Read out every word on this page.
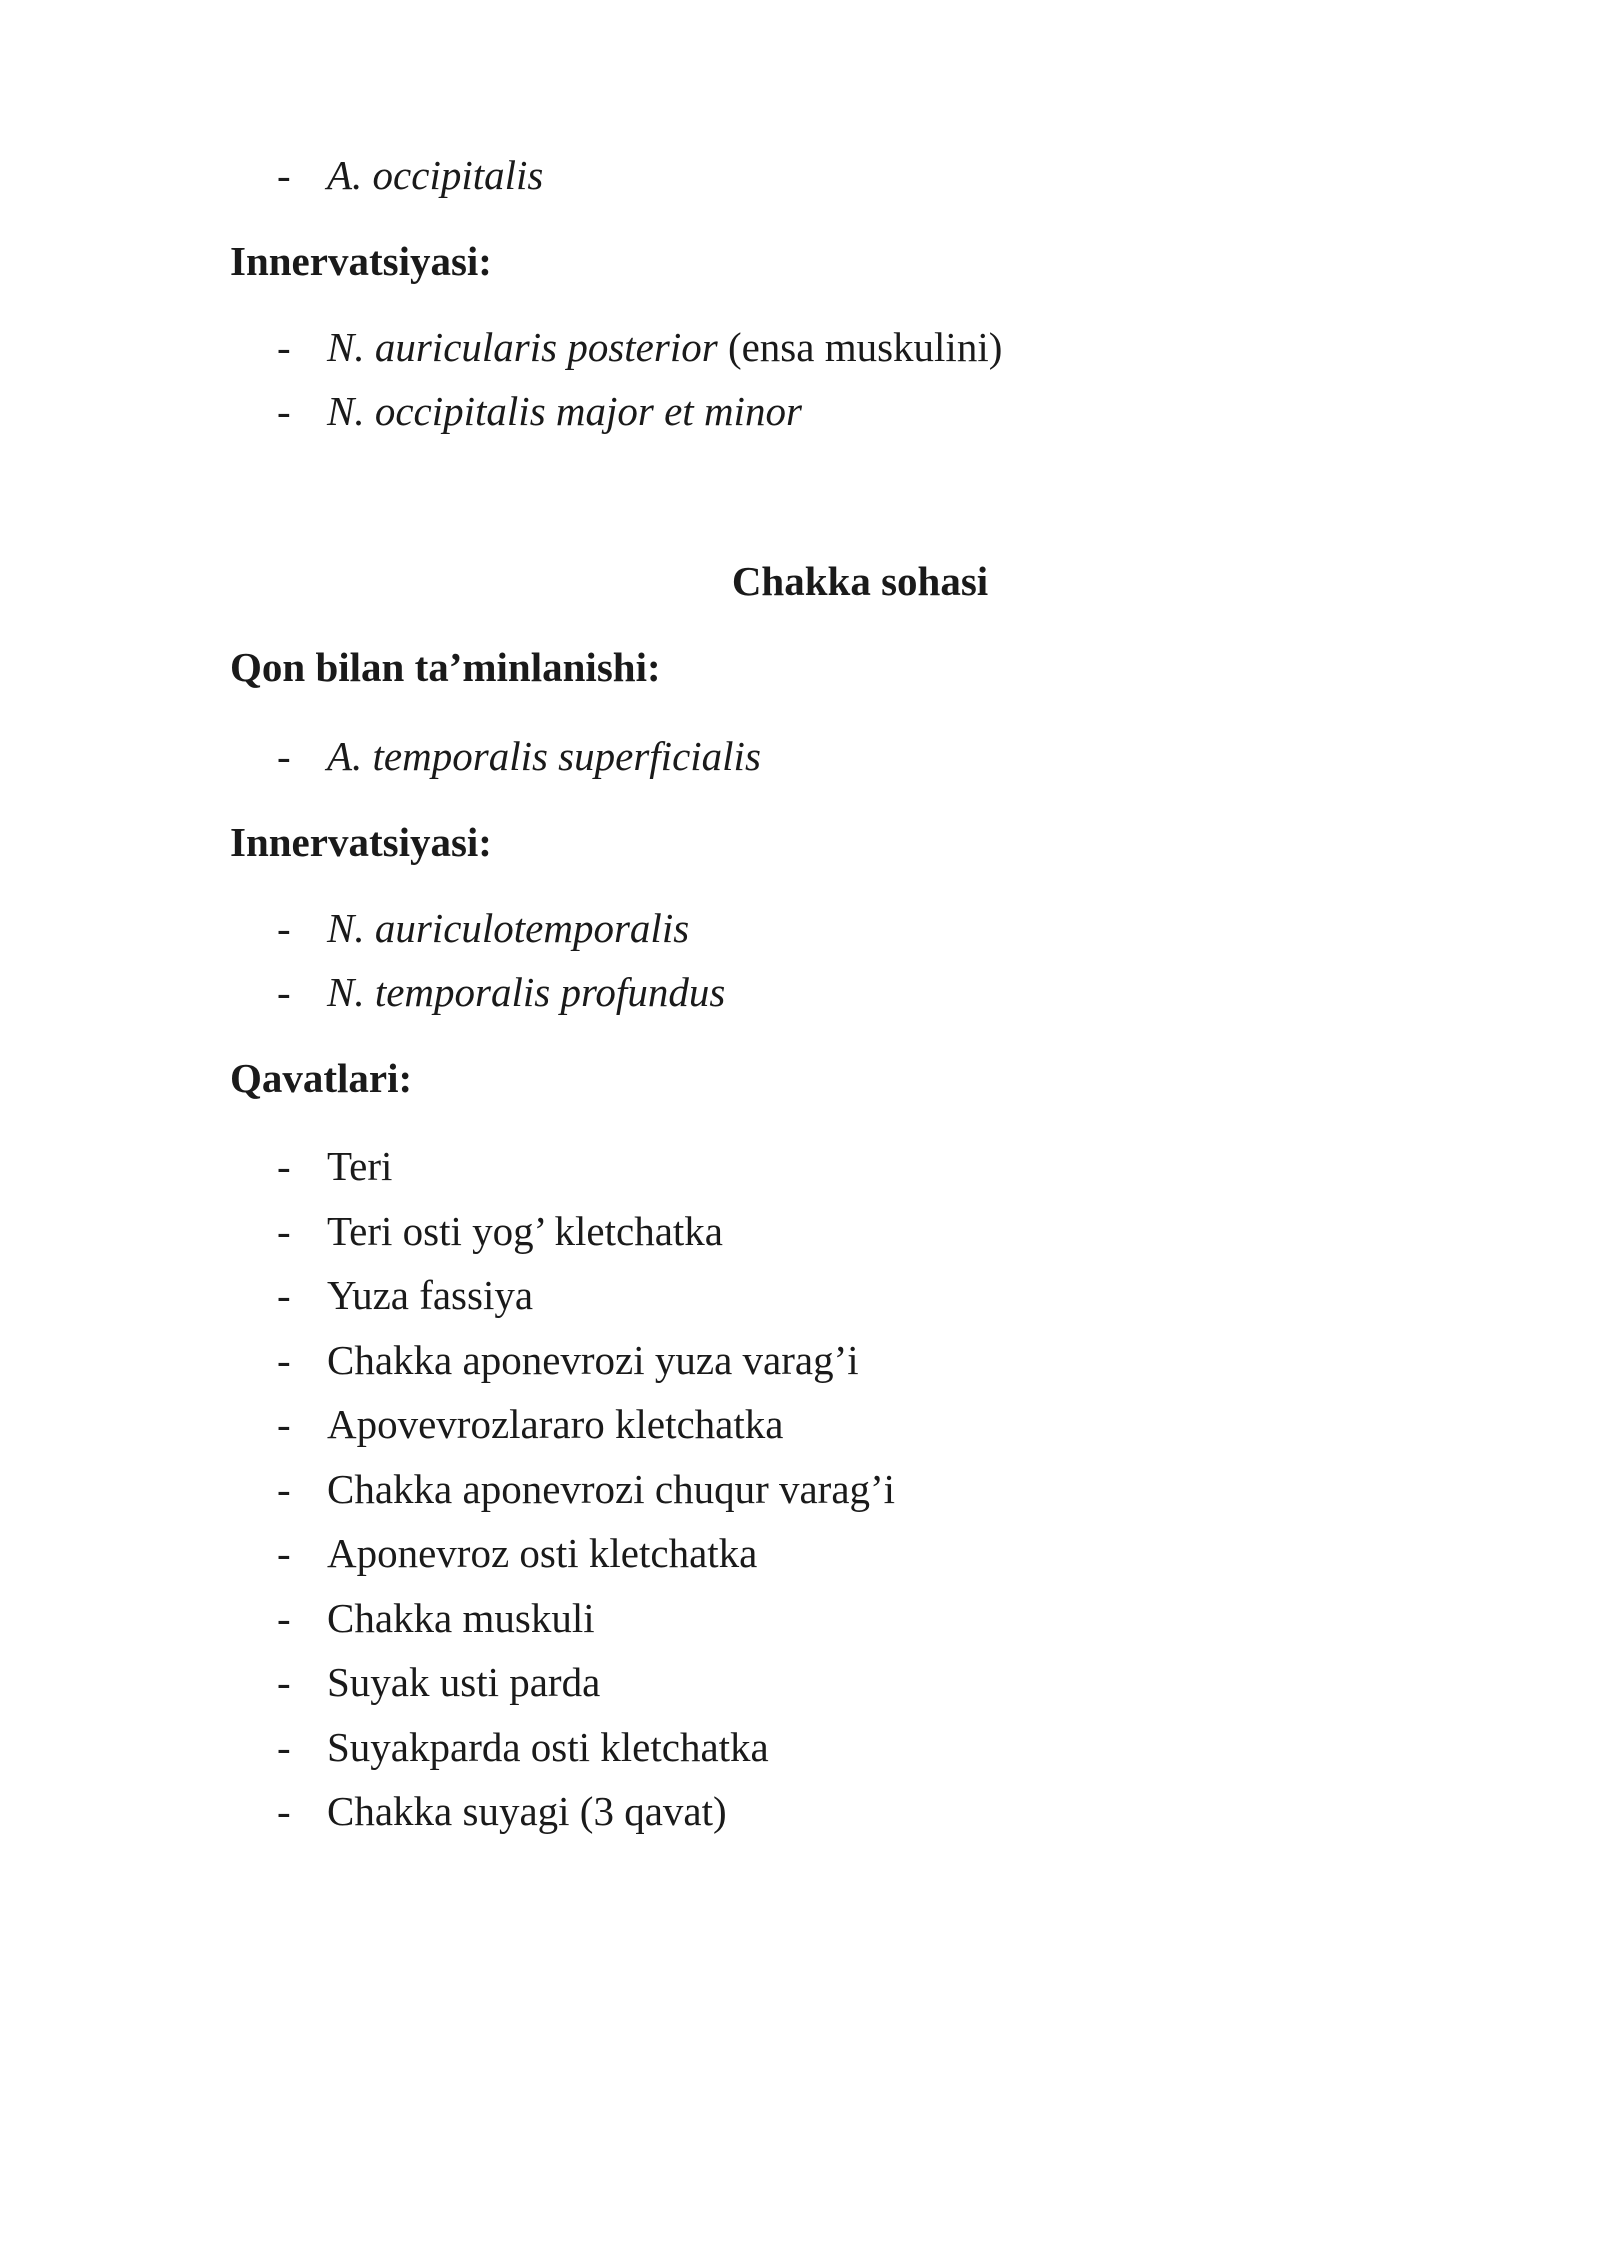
- A. occipitalis
Innervatsiyasi:
- N. auricularis posterior (ensa muskulini)
- N. occipitalis major et minor
Chakka sohasi
Qon bilan ta’minlanishi:
- A. temporalis superficialis
Innervatsiyasi:
- N. auriculotemporalis
- N. temporalis profundus
Qavatlari:
- Teri
- Teri osti yog’ kletchatka
- Yuza fassiya
- Chakka aponevrozi yuza varag’i
- Apovevrozlararo kletchatka
- Chakka aponevrozi chuqur varag’i
- Aponevroz osti kletchatka
- Chakka muskuli
- Suyak usti parda
- Suyakparda osti kletchatka
- Chakka suyagi (3 qavat)
